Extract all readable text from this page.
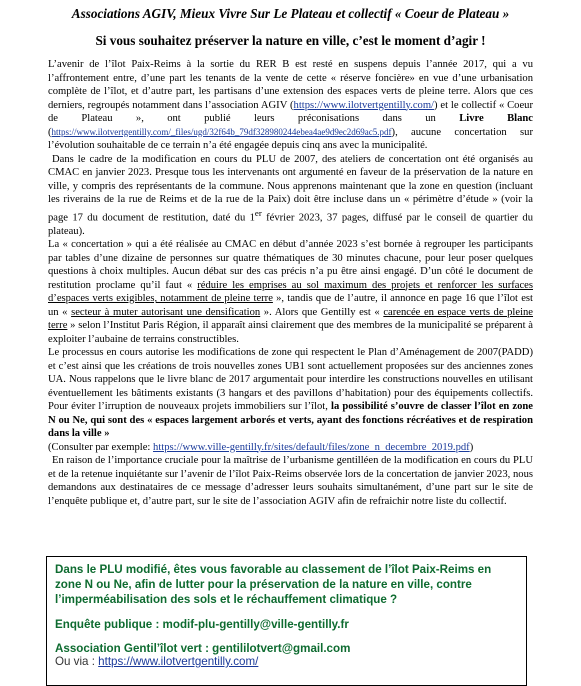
Associations AGIV, Mieux Vivre Sur Le Plateau et collectif « Coeur de Plateau »
Si vous souhaitez préserver la nature en ville, c’est le moment d’agir !

L’avenir de l’îlot Paix-Reims à la sortie du RER B est resté en suspens depuis l’année 2017, qui a vu l’affrontement entre, d’une part les tenants de la vente de cette « réserve foncière» en vue d’une urbanisation complète de l’îlot, et d’autre part, les partisans d’une extension des espaces verts de pleine terre. Alors que ces derniers, regroupés notamment dans l’association AGIV (https://www.ilotvertgentilly.com/) et le collectif « Coeur de Plateau », ont publié leurs préconisations dans un Livre Blanc (https://www.ilotvertgentilly.com/_files/ugd/32f64b_79df328980244ebea4ae9d9ec2d69ac5.pdf), aucune concertation sur l’évolution souhaitable de ce terrain n’a été engagée depuis cinq ans avec la municipalité.

Dans le cadre de la modification en cours du PLU de 2007, des ateliers de concertation ont été organisés au CMAC en janvier 2023. Presque tous les intervenants ont argumenté en faveur de la préservation de la nature en ville, y compris des représentants de la commune. Nous apprenons maintenant que la zone en question (incluant les riverains de la rue de Reims et de la rue de la Paix) doit être incluse dans un « périmètre d’étude » (voir la page 17 du document de restitution, daté du 1er février 2023, 37 pages, diffusé par le conseil de quartier du plateau).

La « concertation » qui a été réalisée au CMAC en début d’année 2023 s’est bornée à regrouper les participants par tables d’une dizaine de personnes sur quatre thématiques de 30 minutes chacune, pour leur poser quelques questions à choix multiples. Aucun débat sur des cas précis n’a pu être ainsi engagé. D’un côté le document de restitution proclame qu’il faut « réduire les emprises au sol maximum des projets et renforcer les surfaces d’espaces verts exigibles, notamment de pleine terre », tandis que de l’autre, il annonce en page 16 que l’îlot est un « secteur à muter autorisant une densification ». Alors que Gentilly est « carencée en espace verts de pleine terre » selon l’Institut Paris Région, il apparaît ainsi clairement que des membres de la municipalité se préparent à exploiter l’aubaine de terrains constructibles.

Le processus en cours autorise les modifications de zone qui respectent le Plan d’Aménagement de 2007(PADD) et c’est ainsi que les créations de trois nouvelles zones UB1 sont actuellement proposées sur des anciennes zones UA. Nous rappelons que le livre blanc de 2017 argumentait pour interdire les constructions nouvelles en utilisant éventuellement les bâtiments existants (3 hangars et des pavillons d’habitation) pour des équipements collectifs. Pour éviter l’irruption de nouveaux projets immobiliers sur l’îlot, la possibilité s’ouvre de classer l’îlot en zone N ou Ne, qui sont des « espaces largement arborés et verts, ayant des fonctions récréatives et de respiration dans la ville »
(Consulter par exemple: https://www.ville-gentilly.fr/sites/default/files/zone_n_decembre_2019.pdf)

En raison de l’importance cruciale pour la maîtrise de l’urbanisme gentilléen de la modification en cours du PLU et de la retenue inquiétante sur l’avenir de l’îlot Paix-Reims observée lors de la concertation de janvier 2023, nous demandons aux destinataires de ce message d’adresser leurs souhaits simultanément, d’une part sur le site de l’enquête publique et, d’autre part, sur le site de l’association AGIV afin de refraichir notre liste du collectif.

Dans le PLU modifié, êtes vous favorable au classement de l’îlot Paix-Reims en zone N ou Ne, afin de lutter pour la préservation de la nature en ville, contre l’imperméabilisation des sols et le réchauffement climatique ?
Enquête publique : modif-plu-gentilly@ville-gentilly.fr
Association Gentil’îlot vert : gentililotvert@gmail.com
Ou via : https://www.ilotvertgentilly.com/
